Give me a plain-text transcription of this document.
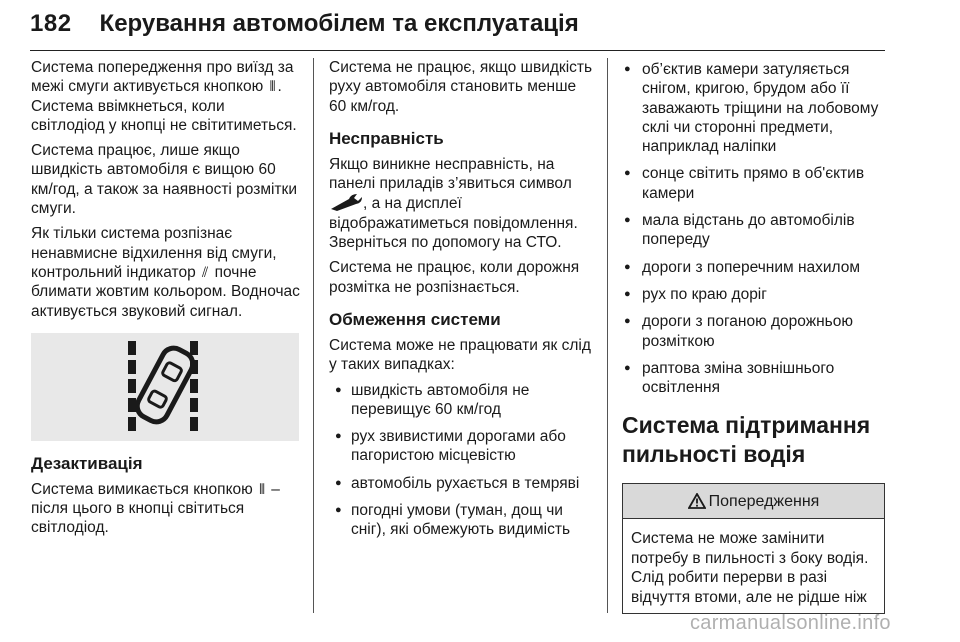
182 Керування автомобілем та експлуатація

Система попередження про виїзд за межі смуги активується кнопкою ⫴ . Система ввімкнеться, коли світлодіод у кнопці не світитиметься.

Система працює, лише якщо швидкість автомобіля є вищою 60 км/год, а також за наявності розмітки смуги.

Як тільки система розпізнає ненавмисне відхилення від смуги, контрольний індикатор ⫽ почне блимати жовтим кольором. Водночас активується звуковий сигнал.

Дезактивація

Система вимикається кнопкою ⫴ – після цього в кнопці світиться світлодіод.

Система не працює, якщо швидкість руху автомобіля становить менше 60 км/год.

Несправність

Якщо виникне несправність, на панелі приладів з’явиться символ , а на дисплеї відображатиметься повідомлення. Зверніться по допомогу на СТО.

Система не працює, коли дорожня розмітка не розпізнається.

Обмеження системи

Система може не працювати як слід у таких випадках:

● швидкість автомобіля не перевищує 60 км/год
● рух звивистими дорогами або пагористою місцевістю
● автомобіль рухається в темряві
● погодні умови (туман, дощ чи сніг), які обмежують видимість
● об’єктив камери затуляється снігом, кригою, брудом або її заважають тріщини на лобовому склі чи сторонні предмети, наприклад наліпки
● сонце світить прямо в об'єктив камери
● мала відстань до автомобілів попереду
● дороги з поперечним нахилом
● рух по краю доріг
● дороги з поганою дорожньою розміткою
● раптова зміна зовнішнього освітлення
Система підтримання пильності водія
Попередження
Система не може замінити потребу в пильності з боку водія. Слід робити перерви в разі відчуття втоми, але не рідше ніж
carmanualsonline.info
